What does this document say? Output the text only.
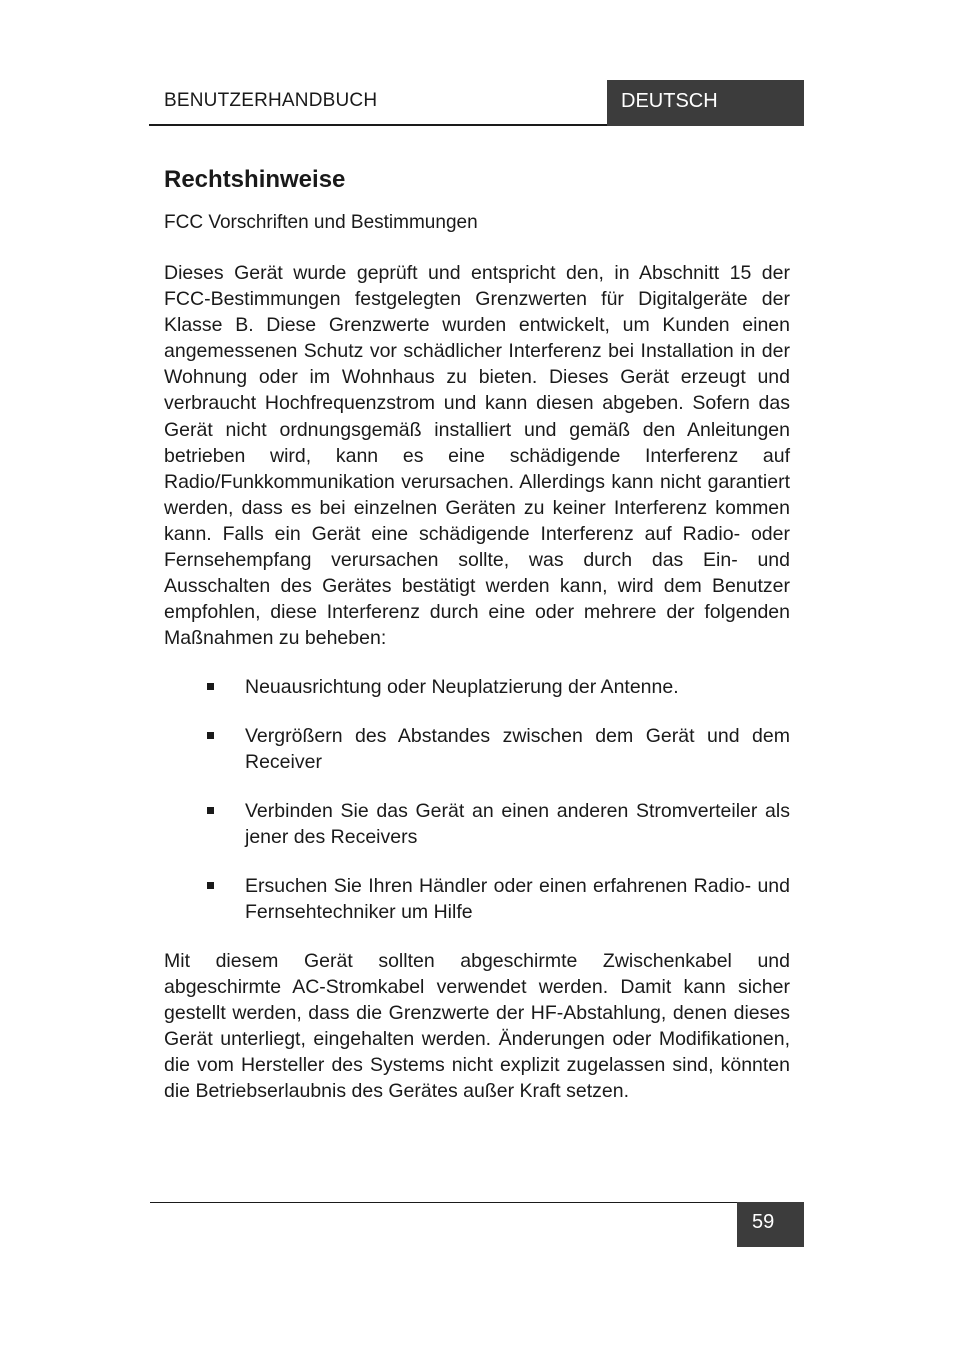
BENUTZERHANDBUCH	DEUTSCH
Rechtshinweise
FCC Vorschriften und Bestimmungen

Dieses Gerät wurde geprüft und entspricht den, in Abschnitt 15 der FCC-Bestimmungen festgelegten Grenzwerten für Digitalgeräte der Klasse B. Diese Grenzwerte wurden entwickelt, um Kunden einen angemessenen Schutz vor schädlicher Interferenz bei Installation in der Wohnung oder im Wohnhaus zu bieten. Dieses Gerät erzeugt und verbraucht Hochfrequenzstrom und kann diesen abgeben. Sofern das Gerät nicht ordnungsgemäß installiert und gemäß den Anleitungen betrieben wird, kann es eine schädigende Interferenz auf Radio/Funkkommunikation verursachen. Allerdings kann nicht garantiert werden, dass es bei einzelnen Geräten zu keiner Interferenz kommen kann. Falls ein Gerät eine schädigende Interferenz auf Radio- oder Fernsehempfang verursachen sollte, was durch das Ein- und Ausschalten des Gerätes bestätigt werden kann, wird dem Benutzer empfohlen, diese Interferenz durch eine oder mehrere der folgenden Maßnahmen zu beheben:

Neuausrichtung oder Neuplatzierung der Antenne.
Vergrößern des Abstandes zwischen dem Gerät und dem Receiver
Verbinden Sie das Gerät an einen anderen Stromverteiler als jener des Receivers
Ersuchen Sie Ihren Händler oder einen erfahrenen Radio- und Fernsehtechniker um Hilfe

Mit diesem Gerät sollten abgeschirmte Zwischenkabel und abgeschirmte AC-Stromkabel verwendet werden. Damit kann sicher gestellt werden, dass die Grenzwerte der HF-Abstahlung, denen dieses Gerät unterliegt, eingehalten werden. Änderungen oder Modifikationen, die vom Hersteller des Systems nicht explizit zugelassen sind, könnten die Betriebserlaubnis des Gerätes außer Kraft setzen.

59
